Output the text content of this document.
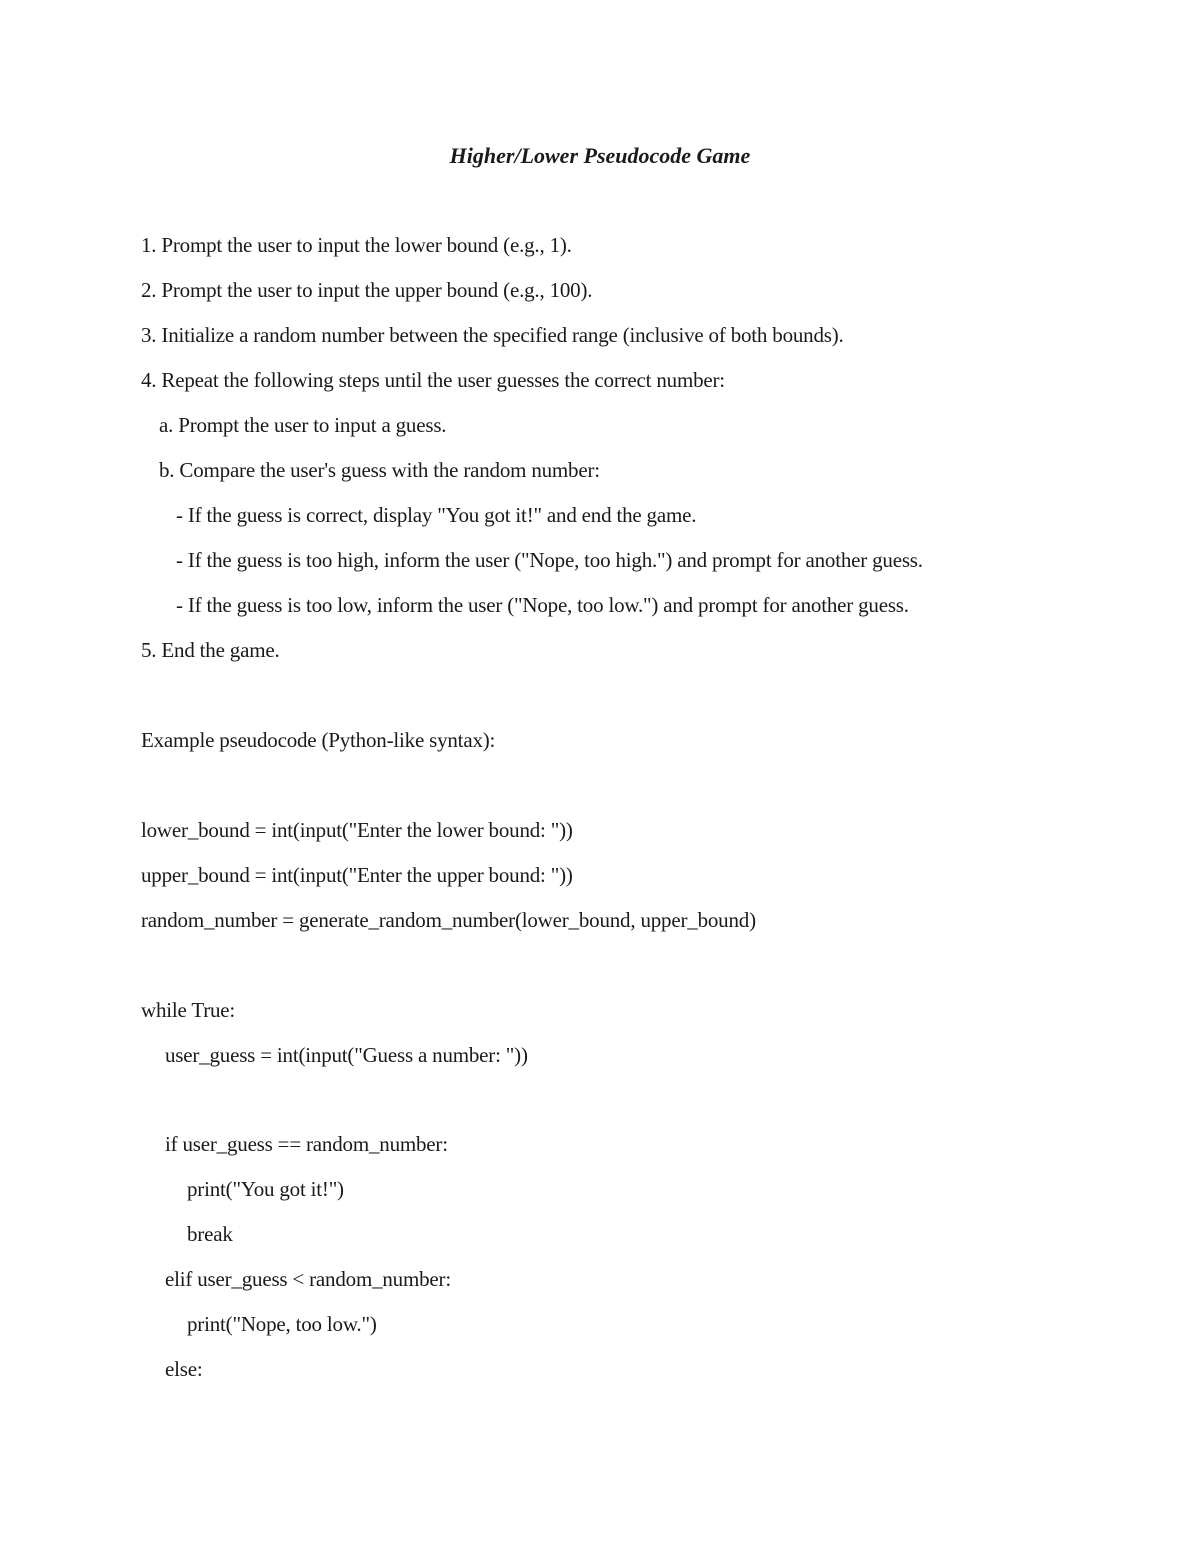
Higher/Lower Pseudocode Game
1. Prompt the user to input the lower bound (e.g., 1).
2. Prompt the user to input the upper bound (e.g., 100).
3. Initialize a random number between the specified range (inclusive of both bounds).
4. Repeat the following steps until the user guesses the correct number:
a. Prompt the user to input a guess.
b. Compare the user's guess with the random number:
- If the guess is correct, display "You got it!" and end the game.
- If the guess is too high, inform the user ("Nope, too high.") and prompt for another guess.
- If the guess is too low, inform the user ("Nope, too low.") and prompt for another guess.
5. End the game.
Example pseudocode (Python-like syntax):
lower_bound = int(input("Enter the lower bound: "))
upper_bound = int(input("Enter the upper bound: "))
random_number = generate_random_number(lower_bound, upper_bound)
while True:
user_guess = int(input("Guess a number: "))
if user_guess == random_number:
print("You got it!")
break
elif user_guess < random_number:
print("Nope, too low.")
else:
